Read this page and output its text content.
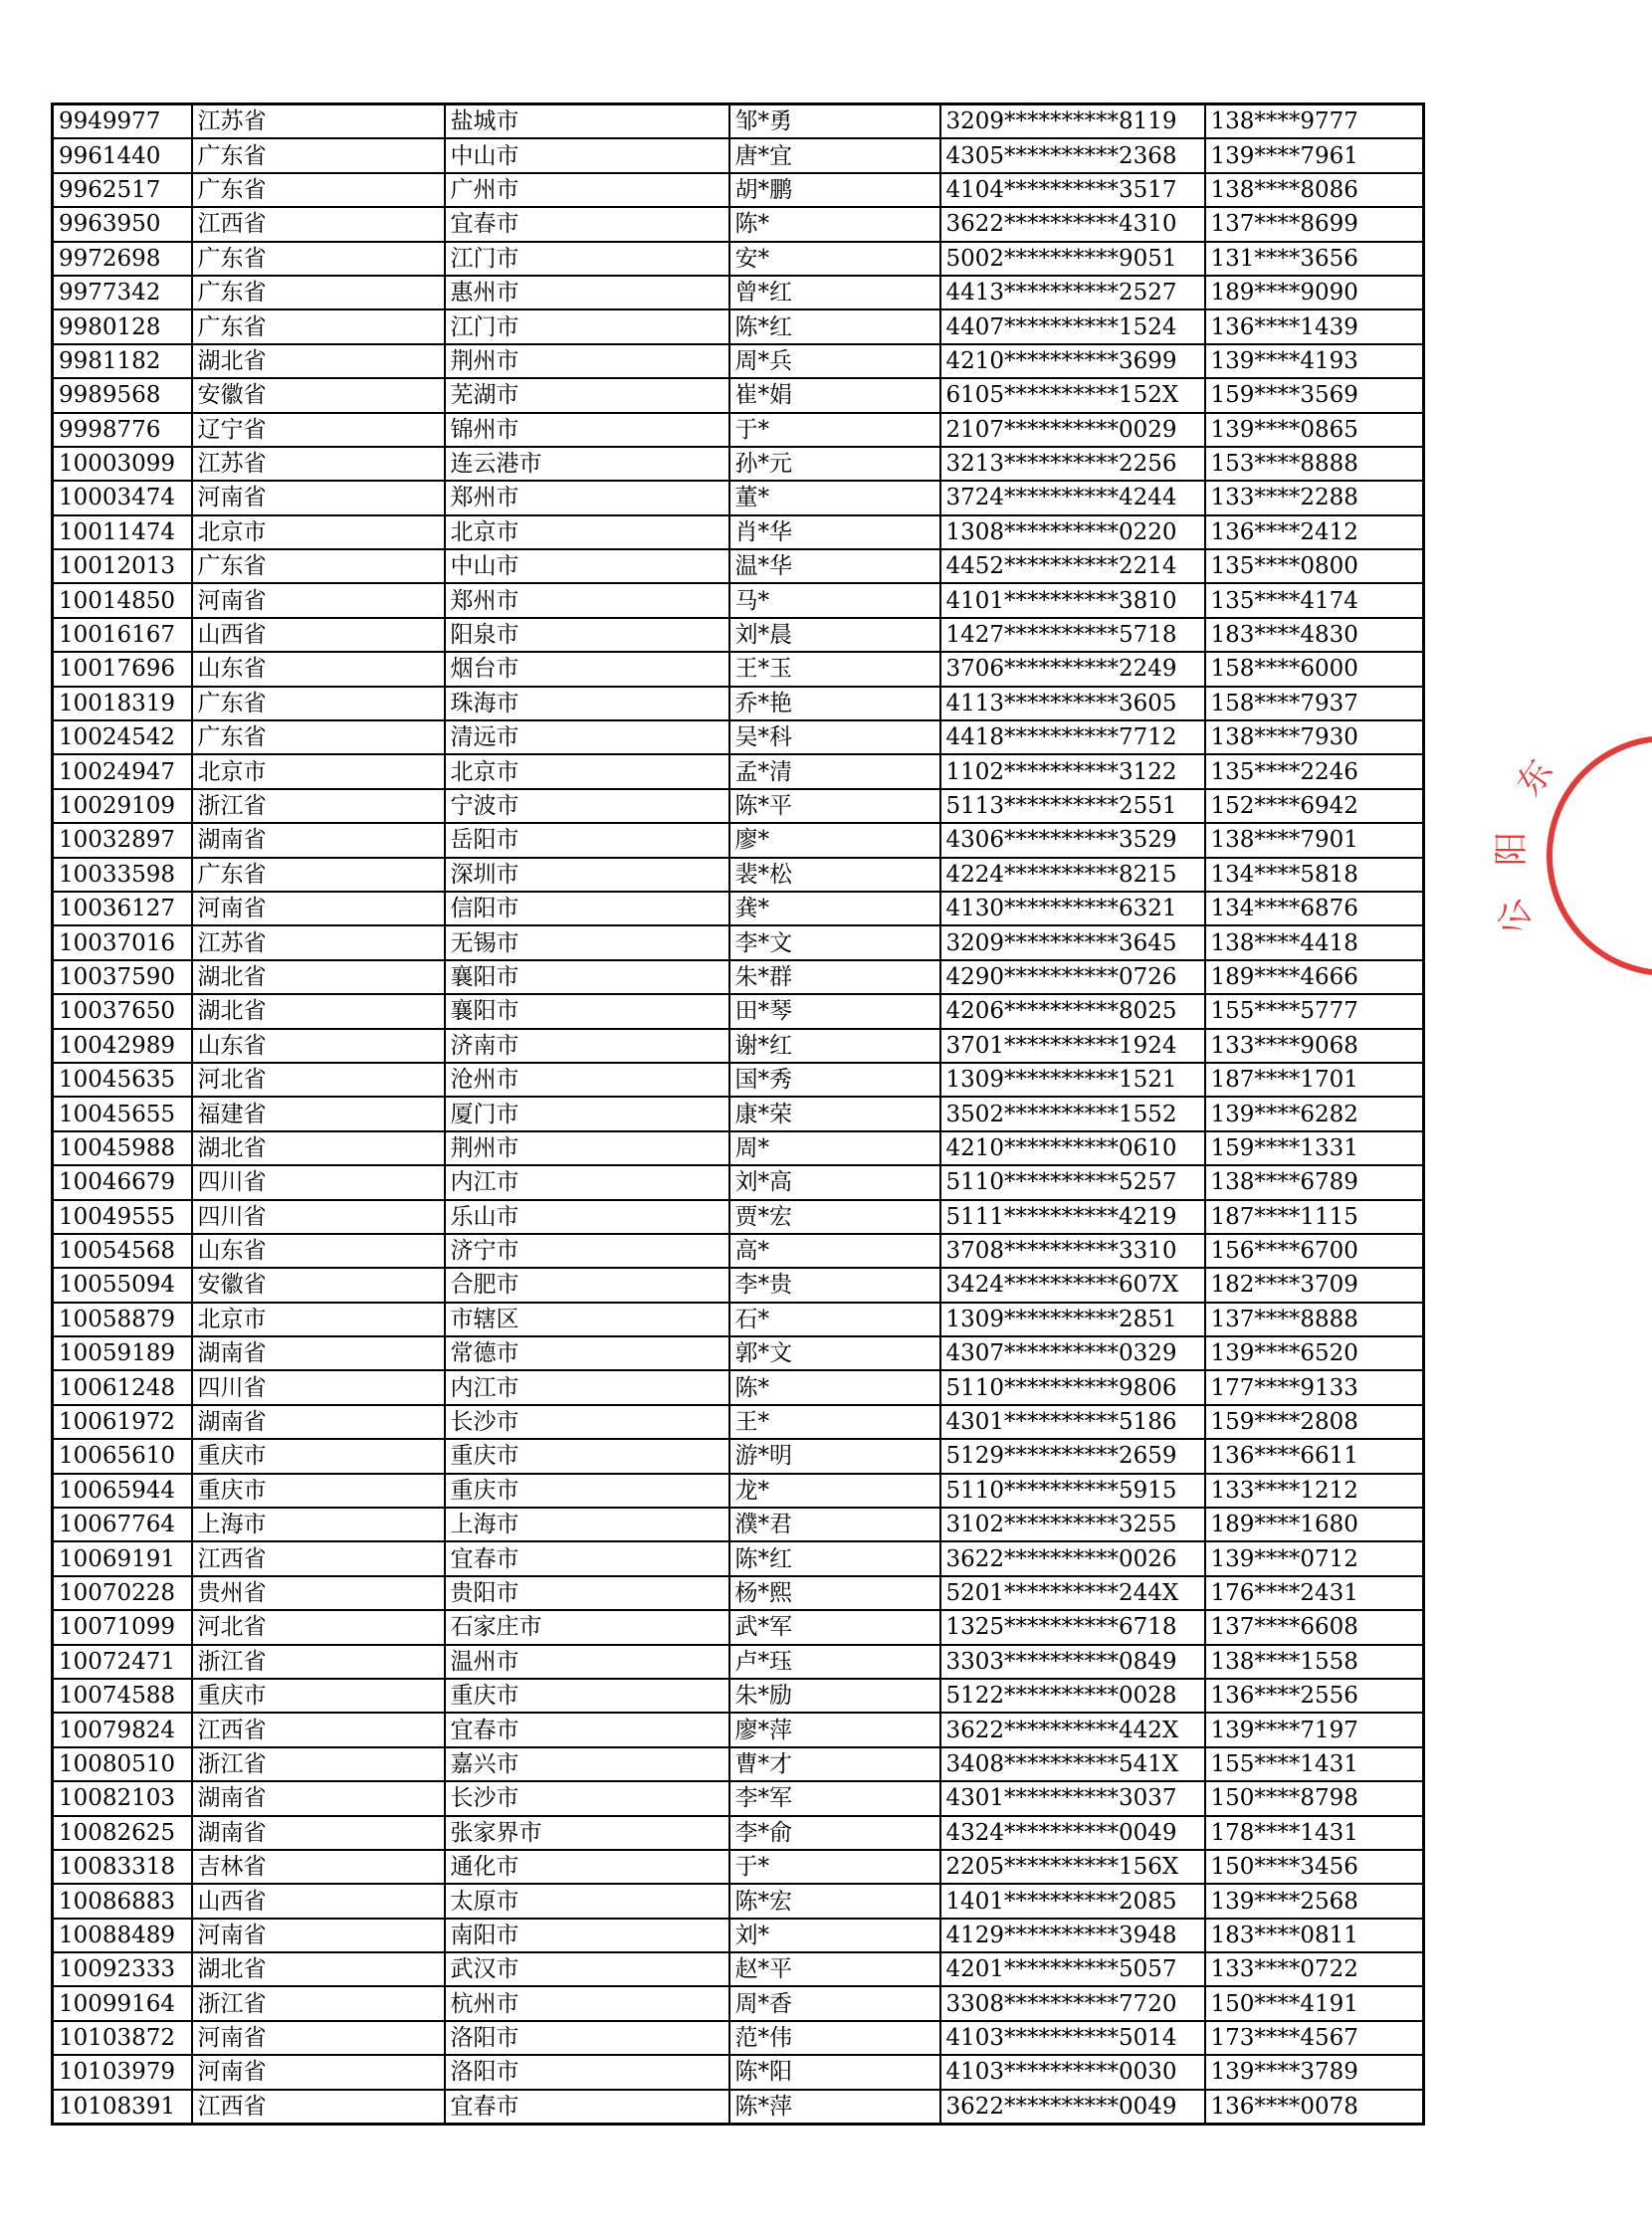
9949977	江苏省	盐城市	邹*勇	3209**********8119	138****9777
9961440	广东省	中山市	唐*宜	4305**********2368	139****7961
9962517	广东省	广州市	胡*鹏	4104**********3517	138****8086
9963950	江西省	宜春市	陈*	3622**********4310	137****8699
9972698	广东省	江门市	安*	5002**********9051	131****3656
9977342	广东省	惠州市	曾*红	4413**********2527	189****9090
9980128	广东省	江门市	陈*红	4407**********1524	136****1439
9981182	湖北省	荆州市	周*兵	4210**********3699	139****4193
9989568	安徽省	芜湖市	崔*娟	6105**********152X	159****3569
9998776	辽宁省	锦州市	于*	2107**********0029	139****0865
10003099	江苏省	连云港市	孙*元	3213**********2256	153****8888
10003474	河南省	郑州市	董*	3724**********4244	133****2288
10011474	北京市	北京市	肖*华	1308**********0220	136****2412
10012013	广东省	中山市	温*华	4452**********2214	135****0800
10014850	河南省	郑州市	马*	4101**********3810	135****4174
10016167	山西省	阳泉市	刘*晨	1427**********5718	183****4830
10017696	山东省	烟台市	王*玉	3706**********2249	158****6000
10018319	广东省	珠海市	乔*艳	4113**********3605	158****7937
10024542	广东省	清远市	吴*科	4418**********7712	138****7930
10024947	北京市	北京市	孟*清	1102**********3122	135****2246
10029109	浙江省	宁波市	陈*平	5113**********2551	152****6942
10032897	湖南省	岳阳市	廖*	4306**********3529	138****7901
10033598	广东省	深圳市	裴*松	4224**********8215	134****5818
10036127	河南省	信阳市	龚*	4130**********6321	134****6876
10037016	江苏省	无锡市	李*文	3209**********3645	138****4418
10037590	湖北省	襄阳市	朱*群	4290**********0726	189****4666
10037650	湖北省	襄阳市	田*琴	4206**********8025	155****5777
10042989	山东省	济南市	谢*红	3701**********1924	133****9068
10045635	河北省	沧州市	国*秀	1309**********1521	187****1701
10045655	福建省	厦门市	康*荣	3502**********1552	139****6282
10045988	湖北省	荆州市	周*	4210**********0610	159****1331
10046679	四川省	内江市	刘*高	5110**********5257	138****6789
10049555	四川省	乐山市	贾*宏	5111**********4219	187****1115
10054568	山东省	济宁市	高*	3708**********3310	156****6700
10055094	安徽省	合肥市	李*贵	3424**********607X	182****3709
10058879	北京市	市辖区	石*	1309**********2851	137****8888
10059189	湖南省	常德市	郭*文	4307**********0329	139****6520
10061248	四川省	内江市	陈*	5110**********9806	177****9133
10061972	湖南省	长沙市	王*	4301**********5186	159****2808
10065610	重庆市	重庆市	游*明	5129**********2659	136****6611
10065944	重庆市	重庆市	龙*	5110**********5915	133****1212
10067764	上海市	上海市	濮*君	3102**********3255	189****1680
10069191	江西省	宜春市	陈*红	3622**********0026	139****0712
10070228	贵州省	贵阳市	杨*熙	5201**********244X	176****2431
10071099	河北省	石家庄市	武*军	1325**********6718	137****6608
10072471	浙江省	温州市	卢*珏	3303**********0849	138****1558
10074588	重庆市	重庆市	朱*励	5122**********0028	136****2556
10079824	江西省	宜春市	廖*萍	3622**********442X	139****7197
10080510	浙江省	嘉兴市	曹*才	3408**********541X	155****1431
10082103	湖南省	长沙市	李*军	4301**********3037	150****8798
10082625	湖南省	张家界市	李*俞	4324**********0049	178****1431
10083318	吉林省	通化市	于*	2205**********156X	150****3456
10086883	山西省	太原市	陈*宏	1401**********2085	139****2568
10088489	河南省	南阳市	刘*	4129**********3948	183****0811
10092333	湖北省	武汉市	赵*平	4201**********5057	133****0722
10099164	浙江省	杭州市	周*香	3308**********7720	150****4191
10103872	河南省	洛阳市	范*伟	4103**********5014	173****4567
10103979	河南省	洛阳市	陈*阳	4103**********0030	139****3789
10108391	江西省	宜春市	陈*萍	3622**********0049	136****0078
东
阳
公
